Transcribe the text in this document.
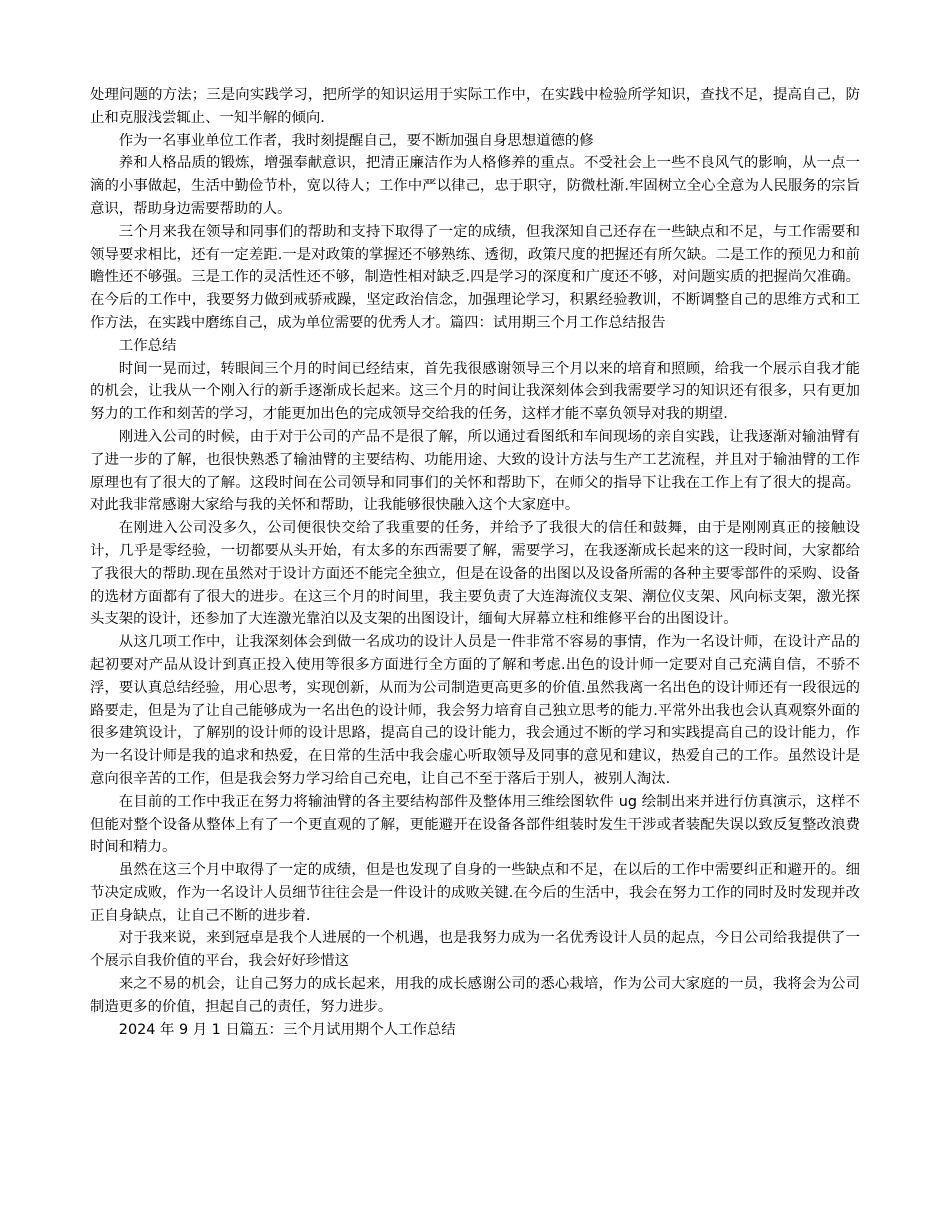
处理问题的方法；三是向实践学习，把所学的知识运用于实际工作中，在实践中检验所学知识，查找不足，提高自己，防止和克服浅尝辄止、一知半解的倾向.

作为一名事业单位工作者，我时刻提醒自己，要不断加强自身思想道德的修

养和人格品质的锻炼，增强奉献意识，把清正廉洁作为人格修养的重点。不受社会上一些不良风气的影响，从一点一滴的小事做起，生活中勤俭节朴，宽以待人；工作中严以律己，忠于职守，防微杜渐.牢固树立全心全意为人民服务的宗旨意识，帮助身边需要帮助的人。

三个月来我在领导和同事们的帮助和支持下取得了一定的成绩，但我深知自己还存在一些缺点和不足，与工作需要和领导要求相比，还有一定差距.一是对政策的掌握还不够熟练、透彻，政策尺度的把握还有所欠缺。二是工作的预见力和前瞻性还不够强。三是工作的灵活性还不够，制造性相对缺乏.四是学习的深度和广度还不够，对问题实质的把握尚欠准确。在今后的工作中，我要努力做到戒骄戒躁，坚定政治信念，加强理论学习，积累经验教训，不断调整自己的思维方式和工作方法，在实践中磨练自己，成为单位需要的优秀人才。篇四：试用期三个月工作总结报告

工作总结

时间一晃而过，转眼间三个月的时间已经结束，首先我很感谢领导三个月以来的培育和照顾，给我一个展示自我才能的机会，让我从一个刚入行的新手逐渐成长起来。这三个月的时间让我深刻体会到我需要学习的知识还有很多，只有更加努力的工作和刻苦的学习，才能更加出色的完成领导交给我的任务，这样才能不辜负领导对我的期望.

刚进入公司的时候，由于对于公司的产品不是很了解，所以通过看图纸和车间现场的亲自实践，让我逐渐对输油臂有了进一步的了解，也很快熟悉了输油臂的主要结构、功能用途、大致的设计方法与生产工艺流程，并且对于输油臂的工作原理也有了很大的了解。这段时间在公司领导和同事们的关怀和帮助下，在师父的指导下让我在工作上有了很大的提高。对此我非常感谢大家给与我的关怀和帮助，让我能够很快融入这个大家庭中。

在刚进入公司没多久，公司便很快交给了我重要的任务，并给予了我很大的信任和鼓舞，由于是刚刚真正的接触设计，几乎是零经验，一切都要从头开始，有太多的东西需要了解，需要学习，在我逐渐成长起来的这一段时间，大家都给了我很大的帮助.现在虽然对于设计方面还不能完全独立，但是在设备的出图以及设备所需的各种主要零部件的采购、设备的选材方面都有了很大的进步。在这三个月的时间里，我主要负责了大连海流仪支架、潮位仪支架、风向标支架，激光探头支架的设计，还参加了大连激光靠泊以及支架的出图设计，缅甸大屏幕立柱和维修平台的出图设计。

从这几项工作中，让我深刻体会到做一名成功的设计人员是一件非常不容易的事情，作为一名设计师，在设计产品的起初要对产品从设计到真正投入使用等很多方面进行全方面的了解和考虑.出色的设计师一定要对自己充满自信，不骄不浮，要认真总结经验，用心思考，实现创新，从而为公司制造更高更多的价值.虽然我离一名出色的设计师还有一段很远的路要走，但是为了让自己能够成为一名出色的设计师，我会努力培育自己独立思考的能力.平常外出我也会认真观察外面的很多建筑设计，了解别的设计师的设计思路，提高自己的设计能力，我会通过不断的学习和实践提高自己的设计能力，作为一名设计师是我的追求和热爱，在日常的生活中我会虚心听取领导及同事的意见和建议，热爱自己的工作。虽然设计是意向很辛苦的工作，但是我会努力学习给自己充电，让自己不至于落后于别人，被别人淘汰.

在目前的工作中我正在努力将输油臂的各主要结构部件及整体用三维绘图软件 ug 绘制出来并进行仿真演示，这样不但能对整个设备从整体上有了一个更直观的了解，更能避开在设备各部件组装时发生干涉或者装配失误以致反复整改浪费时间和精力。

虽然在这三个月中取得了一定的成绩，但是也发现了自身的一些缺点和不足，在以后的工作中需要纠正和避开的。细节决定成败，作为一名设计人员细节往往会是一件设计的成败关键.在今后的生活中，我会在努力工作的同时及时发现并改正自身缺点，让自己不断的进步着.

对于我来说，来到冠卓是我个人进展的一个机遇，也是我努力成为一名优秀设计人员的起点，今日公司给我提供了一个展示自我价值的平台，我会好好珍惜这

来之不易的机会，让自己努力的成长起来，用我的成长感谢公司的悉心栽培，作为公司大家庭的一员，我将会为公司制造更多的价值，担起自己的责任，努力进步。

2024 年 9 月 1 日篇五：三个月试用期个人工作总结
